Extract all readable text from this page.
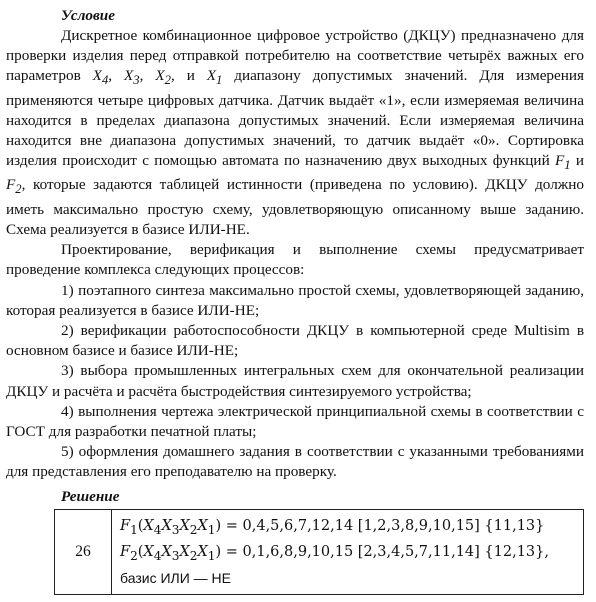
Условие

Дискретное комбинационное цифровое устройство (ДКЦУ) предназначено для проверки изделия перед отправкой потребителю на соответствие четырёх важных его параметров $X_4$, $X_3$, $X_2$, и $X_1$ диапазону допустимых значений. Для измерения применяются четыре цифровых датчика. Датчик выдаёт «1», если измеряемая величина находится в пределах диапазона допустимых значений. Если измеряемая величина находится вне диапазона допустимых значений, то датчик выдаёт «0». Сортировка изделия происходит с помощью автомата по назначению двух выходных функций $F_1$ и $F_2$, которые задаются таблицей истинности (приведена по условию). ДКЦУ должно иметь максимально простую схему, удовлетворяющую описанному выше заданию. Схема реализуется в базисе ИЛИ-НЕ.

Проектирование, верификация и выполнение схемы предусматривает проведение комплекса следующих процессов:

1) поэтапного синтеза максимально простой схемы, удовлетворяющей заданию, которая реализуется в базисе ИЛИ-НЕ;

2) верификации работоспособности ДКЦУ в компьютерной среде Multisim в основном базисе и базисе ИЛИ-НЕ;

3) выбора промышленных интегральных схем для окончательной реализации ДКЦУ и расчёта и расчёта быстродействия синтезируемого устройства;

4) выполнения чертежа электрической принципиальной схемы в соответствии с ГОСТ для разработки печатной платы;

5) оформления домашнего задания в соответствии с указанными требованиями для представления его преподавателю на проверку.

Решение
26	
$F_1(X_4X_3X_2X_1) = 0,4,5,6,7,12,14$ [1,2,3,8,9,10,15] {11,13}
$F_2(X_4X_3X_2X_1) = 0,1,6,8,9,10,15$ [2,3,4,5,7,11,14] {12,13},
базис ИЛИ — НЕ
